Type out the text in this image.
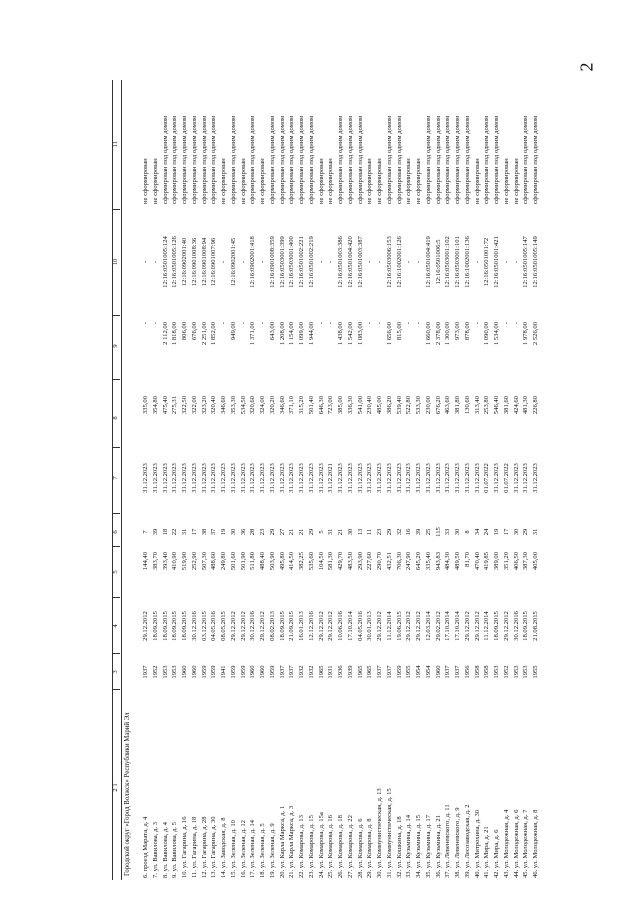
2
1
2
3
4
5
6
7
8
9
10
11
Городской округ «Город Волжск» Республики Марий Эл 6. проезд Марата, д. 4
1937
29.12.2012
144,40
7
31.12.2023
335,00
-
-
не сформирован
7. ул. Вавилова, д. 3
1952
18.09.2015
383,70
39
31.12.2023
354,80
-
-
не сформирован
8. ул. Вавилова, д. 4
1953
18.09.2015
393,40
18
31.12.2023
475,40
2 112,00
12:16:0501005:124
сформирован под одним домом
9. ул. Вавилова, д. 5
1953
18.09.2015
410,90
22
31.12.2023
275,31
1 818,00
12:16:0501005:126
сформирован под одним домом
10. ул. Гагарина, д. 16
1960
18.09.2015
519,90
31
31.12.2023
322,50
806,00
12:16:0902001:40
сформирован под одним домом
11. ул. Гагарина, д. 18
1960
30.12.2016
252,90
17
31.12.2023
322,00
676,00
12:16:0901008:36
сформирован под одним домом
12. ул. Гагарина, д. 28
1959
03.12.2015
507,30
38
31.12.2023
323,20
2 251,00
12:16:0901008:94
сформирован под одним домом
13. ул. Гагарина, д. 30
1959
04.05.2016
488,60
37
31.12.2023
320,40
1 852,00
12:16:0901007:96
сформирован под одним домом
14. ул. Заводская, д. 8
1941
08.05.2015
249,80
19
31.12.2023
346,60
-
-
не сформирован
15. ул. Зеленая, д. 10
1959
29.12.2012
501,60
30
31.12.2023
353,30
949,00
12:16:0902001:45
сформирован под одним домом
16. ул. Зеленая, д. 12
1959
29.12.2012
501,90
36
31.12.2023
534,50
-
-
не сформирован
17. ул. Зеленая, д. 14
1960
30.12.2016
511,80
28
31.12.2023
320,60
1 371,00
12:16:0902001:418
сформирован под одним домом
18. ул. Зеленая, д. 5
1960
29.12.2012
488,40
23
31.12.2023
324,00
-
-
не сформирован
19. ул. Зеленая, д. 9
1959
08.02.2013
503,90
29
31.12.2023
320,20
643,00
12:16:0901008:359
сформирован под одним домом
20. ул. Карла Маркса, д. 1
1937
18.09.2015
495,80
27
31.12.2023
346,60
1 208,00
12:16:0503001:399
сформирован под одним домом
21. ул. Карла Маркса, д. 3
1937
21.09.2015
414,50
21
31.12.2023
371,10
1 154,00
12:16:0503001:400
сформирован под одним домом
22. ул. Комарова, д. 13
1932
16.01.2013
382,25
21
31.12.2023
315,20
1 099,00
12:16:0501002:221
сформирован под одним домом
23. ул. Комарова, д. 15
1932
12.12.2016
535,60
29
31.12.2023
501,40
1 944,00
12:16:0501002:219
сформирован под одним домом
24. ул. Комарова, д. 15а
1965
29.12.2012
104,50
5
31.12.2023
646,30
-
-
не сформирован
25. ул. Комарова, д. 16
1931
29.12.2012
581,30
31
31.12.2021
723,00
-
-
не сформирован
26. ул. Комарова, д. 18
1936
10.06.2016
429,70
21
31.12.2023
385,00
1 438,00
12:16:0501003:386
сформирован под одним домом
27. ул. Комарова, д. 22
1939
17.10.2014
483,50
30
31.12.2023
336,30
1 542,00
12:16:0501004:420
сформирован под одним домом
28. ул. Комарова, д. 6
1965
04.05.2016
293,90
13
31.12.2023
541,00
1 083,00
12:16:0501003:387
сформирован под одним домом
29. ул. Комарова, д. 8
1965
30.01.2013
227,60
11
31.12.2023
230,40
-
-
не сформирован
30. ул. Коммунистическая, д. 13
1937
29.12.2012
290,70
23
31.12.2023
485,00
-
-
не сформирован
31. ул. Коммунистическая, д. 15
1937
11.12.2014
432,51
29
31.12.2023
386,20
1 656,00
12:16:0503006:153
сформирован под одним домом
32. ул. Кошкина, д. 18
1959
19.06.2015
706,30
32
31.12.2023
539,40
815,00
12:16:1002001:126
сформирован под одним домом
33. ул. Кузьмина, д. 14
1955
29.12.2012
247,90
16
31.12.2023
522,80
-
-
не сформирован
34. ул. Кузьмина, д. 15
1954
29.12.2012
645,20
39
31.12.2023
533,30
-
-
не сформирован
35. ул. Кузьмина, д. 17
1954
12.03.2014
335,40
25
31.12.2023
230,00
1 660,00
12:16:0501004:419
сформирован под одним домом
36. ул. Кузьмина, д. 21
1960
29.02.2012
943,83
115
31.12.2023
676,20
2 378,00
12:16:0501006:5
сформирован под одним домом
37. ул. Левеневского, д. 11
1937
17.10.2014
484,30
33
31.12.2023
463,60
1 300,00
12:16:0503001:102
сформирован под одним домом
38. ул. Левеневского, д. 9
1937
17.10.2014
489,50
30
31.12.2023
381,80
973,00
12:16:0503001:101
сформирован под одним домом
39. ул. Лесозаводская, д. 2
1956
29.12.2012
81,70
8
31.12.2023
130,60
878,00
12:16:1002001:136
сформирован под одним домом
40. ул. Митрохина, д. 30
1958
29.12.2012
470,40
34
31.12.2023
313,40
-
-
не сформирован
41. ул. Мира, д. 21
1958
11.12.2014
419,85
24
01.07.2022
253,80
1 090,00
12:16:0501001:72
сформирован под одним домом
42. ул. Мира, д. 6
1953
18.09.2015
389,00
19
31.12.2023
546,40
1 534,00
12:16:0501001:421
сформирован под одним домом
43. ул. Молодежная, д. 4
1952
29.12.2012
351,20
17
01.07.2022
381,60
-
-
не сформирован
44. ул. Молодежная, д. 6
1953
30.12.2016
406,50
30
31.12.2023
424,60
-
-
не сформирован
45. ул. Молодежная, д. 7
1953
18.09.2015
387,30
29
31.12.2023
481,30
1 978,00
12:16:0501005:147
сформирован под одним домом
46. ул. Молодежная, д. 8
1955
21.08.2015
405,00
31
31.12.2023
226,80
2 526,00
12:16:0501005:149
сформирован под одним домом
